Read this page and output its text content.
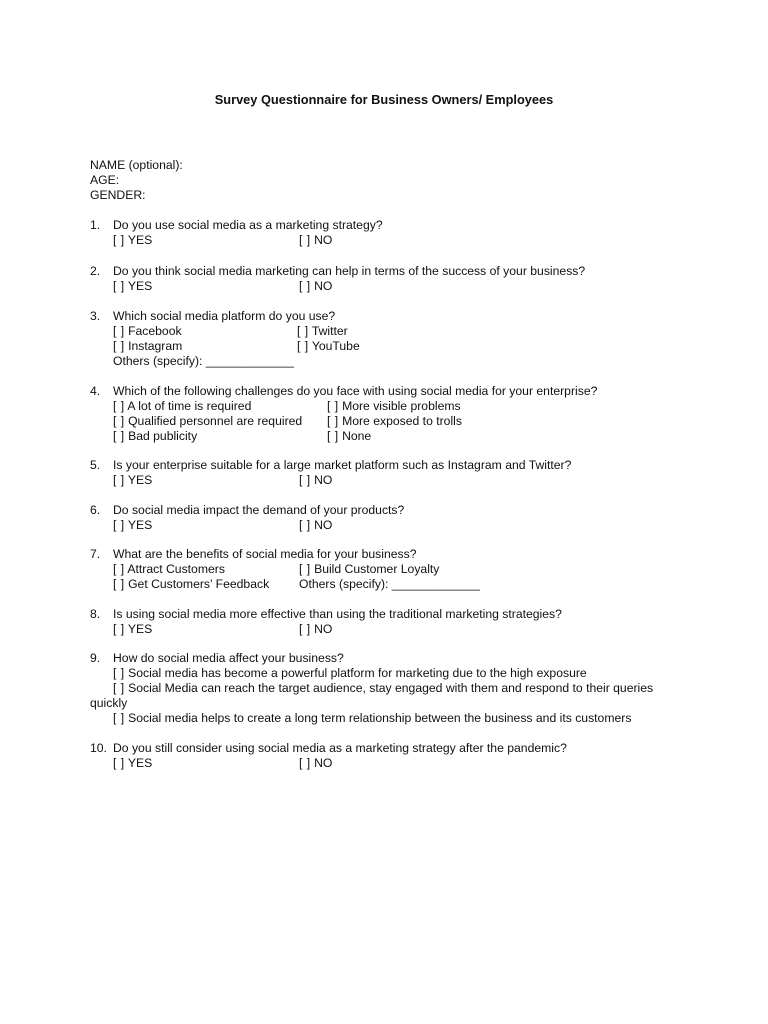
Survey Questionnaire for Business Owners/ Employees
NAME (optional):
AGE:
GENDER:
1. Do you use social media as a marketing strategy?
[ ] YES	[ ] NO
2. Do you think social media marketing can help in terms of the success of your business?
[ ] YES	[ ] NO
3. Which social media platform do you use?
[ ] Facebook	[ ] Twitter
[ ] Instagram	[ ] YouTube
Others (specify): _____________
4. Which of the following challenges do you face with using social media for your enterprise?
[ ] A lot of time is required	[ ] More visible problems
[ ] Qualified personnel are required [ ] More exposed to trolls
[ ] Bad publicity	[ ] None
5. Is your enterprise suitable for a large market platform such as Instagram and Twitter?
[ ] YES	[ ] NO
6. Do social media impact the demand of your products?
[ ] YES	[ ] NO
7. What are the benefits of social media for your business?
[ ] Attract Customers	[ ] Build Customer Loyalty
[ ] Get Customers’ Feedback Others (specify): _____________
8. Is using social media more effective than using the traditional marketing strategies?
[ ] YES	[ ] NO
9. How do social media affect your business?
[ ] Social media has become a powerful platform for marketing due to the high exposure
[ ] Social Media can reach the target audience, stay engaged with them and respond to their queries
quickly
[ ] Social media helps to create a long term relationship between the business and its customers
10. Do you still consider using social media as a marketing strategy after the pandemic?
[ ] YES	[ ] NO
